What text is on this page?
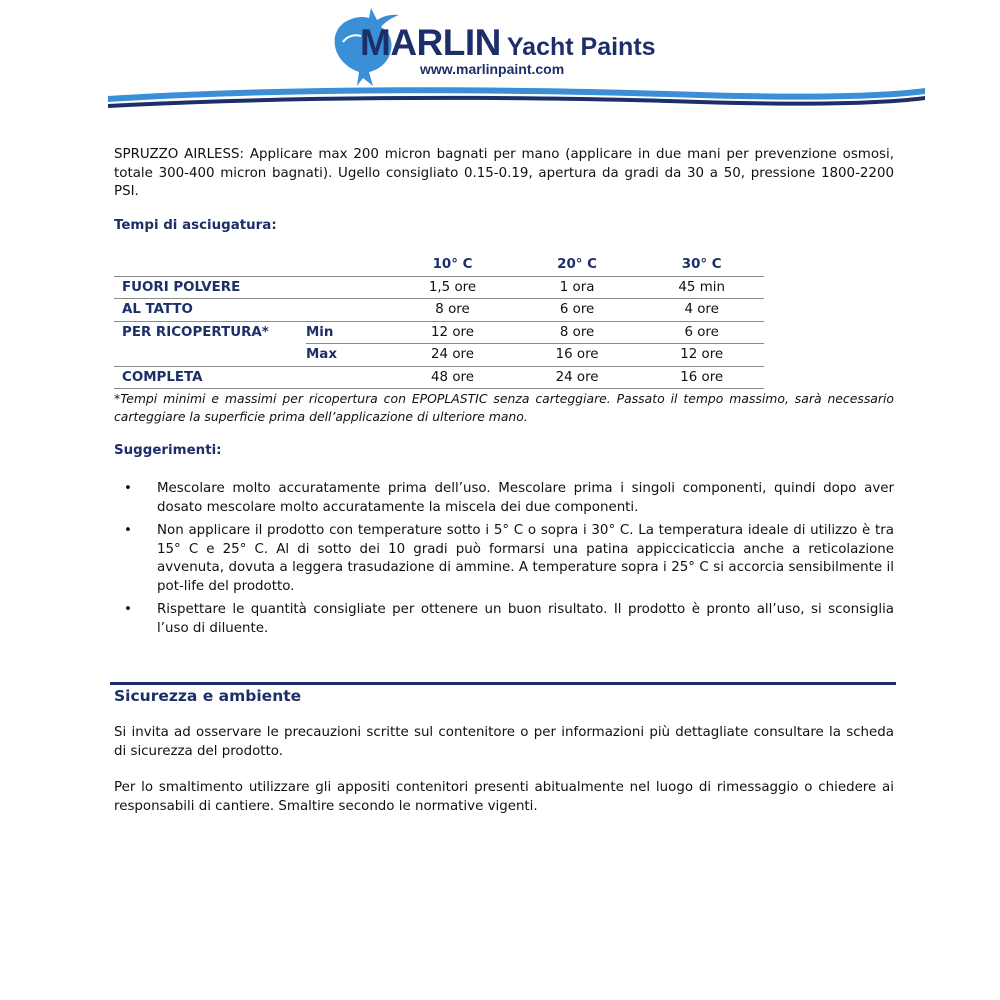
MARLIN Yacht Paints
www.marlinpaint.com

SPRUZZO AIRLESS: Applicare max 200 micron bagnati per mano (applicare in due mani per prevenzione osmosi, totale 300-400 micron bagnati). Ugello consigliato 0.15-0.19, apertura da gradi da 30 a 50, pressione 1800-2200 PSI.

Tempi di asciugatura:
		10° C	20° C	30° C
FUORI POLVERE		1,5 ore	1 ora	45 min
AL TATTO		8 ore	6 ore	4 ore
PER RICOPERTURA*	Min	12 ore	8 ore	6 ore
	Max	24 ore	16 ore	12 ore
COMPLETA		48 ore	24 ore	16 ore
*Tempi minimi e massimi per ricopertura con EPOPLASTIC senza carteggiare. Passato il tempo massimo, sarà necessario carteggiare la superficie prima dell’applicazione di ulteriore mano.
Suggerimenti:
• Mescolare molto accuratamente prima dell’uso. Mescolare prima i singoli componenti, quindi dopo aver dosato mescolare molto accuratamente la miscela dei due componenti.
• Non applicare il prodotto con temperature sotto i 5° C o sopra i 30° C. La temperatura ideale di utilizzo è tra 15° C e 25° C. Al di sotto dei 10 gradi può formarsi una patina appiccicaticcia anche a reticolazione avvenuta, dovuta a leggera trasudazione di ammine. A temperature sopra i 25° C si accorcia sensibilmente il pot-life del prodotto.
• Rispettare le quantità consigliate per ottenere un buon risultato. Il prodotto è pronto all’uso, si sconsiglia l’uso di diluente.
Sicurezza e ambiente
Si invita ad osservare le precauzioni scritte sul contenitore o per informazioni più dettagliate consultare la scheda di sicurezza del prodotto.
Per lo smaltimento utilizzare gli appositi contenitori presenti abitualmente nel luogo di rimessaggio o chiedere ai responsabili di cantiere. Smaltire secondo le normative vigenti.
